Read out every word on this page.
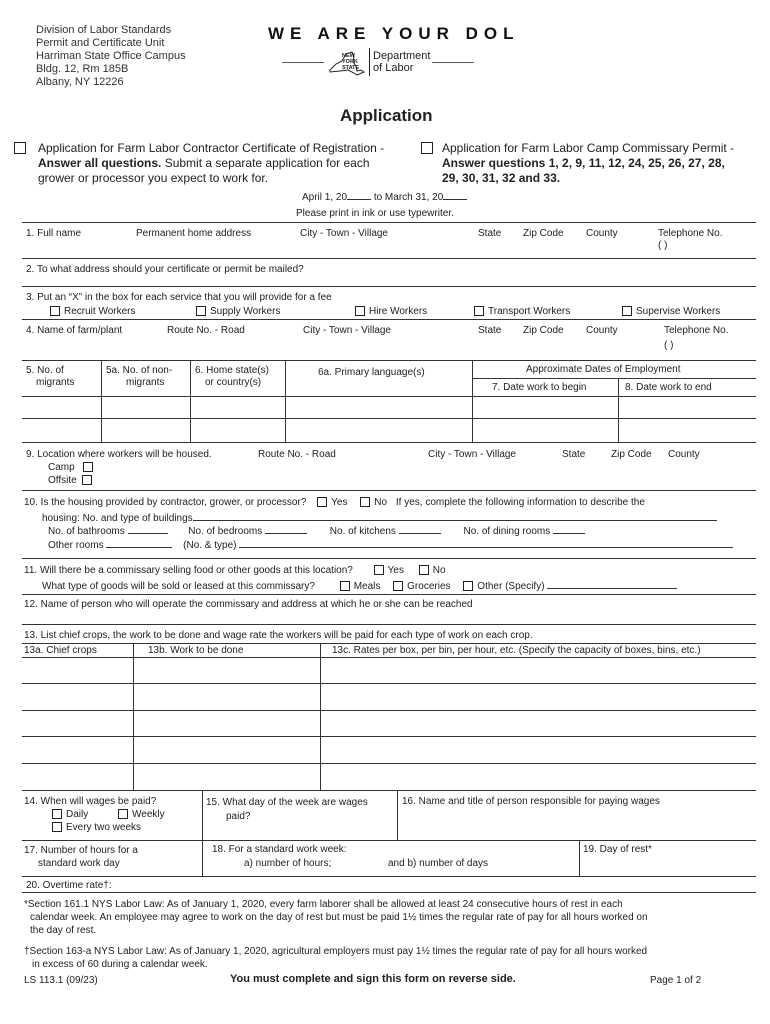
Division of Labor Standards
Permit and Certificate Unit
Harriman State Office Campus
Bldg. 12, Rm 185B
Albany, NY 12226
WE ARE YOUR DOL
NEW YORK STATE
Department
of Labor
Application
Application for Farm Labor Contractor Certificate of Registration -
Answer all questions. Submit a separate application for each
grower or processor you expect to work for.
Application for Farm Labor Camp Commissary Permit -
Answer questions 1, 2, 9, 11, 12, 24, 25, 26, 27, 28,
29, 30, 31, 32 and 33.
April 1, 20	to March 31, 20
Please print in ink or use typewriter.
1. Full name	Permanent home address	City - Town - Village	State Zip Code County	Telephone No.
( )
2. To what address should your certificate or permit be mailed?
3. Put an “X” in the box for each service that you will provide for a fee
Recruit Workers	Supply Workers	Hire Workers	Transport Workers	Supervise Workers
4. Name of farm/plant	Route No. - Road	City - Town - Village	State Zip Code County	Telephone No.
( )
5. No. of
migrants
5a. No. of non-
migrants
6. Home state(s)
or country(s)
6a. Primary language(s)	Approximate Dates of Employment
7. Date work to begin	8. Date work to end
9. Location where workers will be housed.	Route No. - Road	City - Town - Village	State	Zip Code County
Camp
Offsite
10. Is the housing provided by contractor, grower, or processor? Yes	No If yes, complete the following information to describe the
housing: No. and type of buildings
No. of bathrooms	No. of bedrooms	No. of kitchens	No. of dining rooms
Other rooms	(No. & type)
11. Will there be a commissary selling food or other goods at this location?	Yes	No
What type of goods will be sold or leased at this commissary?	Meals	Groceries	Other (Specify)
12. Name of person who will operate the commissary and address at which he or she can be reached
13. List chief crops, the work to be done and wage rate the workers will be paid for each type of work on each crop.
13a. Chief crops	13b. Work to be done	13c. Rates per box, per bin, per hour, etc. (Specify the capacity of boxes, bins, etc.)
14. When will wages be paid?
Daily	Weekly
Every two weeks
15. What day of the week are wages
paid?
16. Name and title of person responsible for paying wages
17. Number of hours for a
standard work day
18. For a standard work week:
a) number of hours;	and b) number of days
19. Day of rest*
20. Overtime rate†:
*Section 161.1 NYS Labor Law: As of January 1, 2020, every farm laborer shall be allowed at least 24 consecutive hours of rest in each
calendar week. An employee may agree to work on the day of rest but must be paid 1½ times the regular rate of pay for all hours worked on
the day of rest.
†Section 163-a NYS Labor Law: As of January 1, 2020, agricultural employers must pay 1½ times the regular rate of pay for all hours worked
in excess of 60 during a calendar week.
LS 113.1 (09/23)	You must complete and sign this form on reverse side.	Page 1 of 2
